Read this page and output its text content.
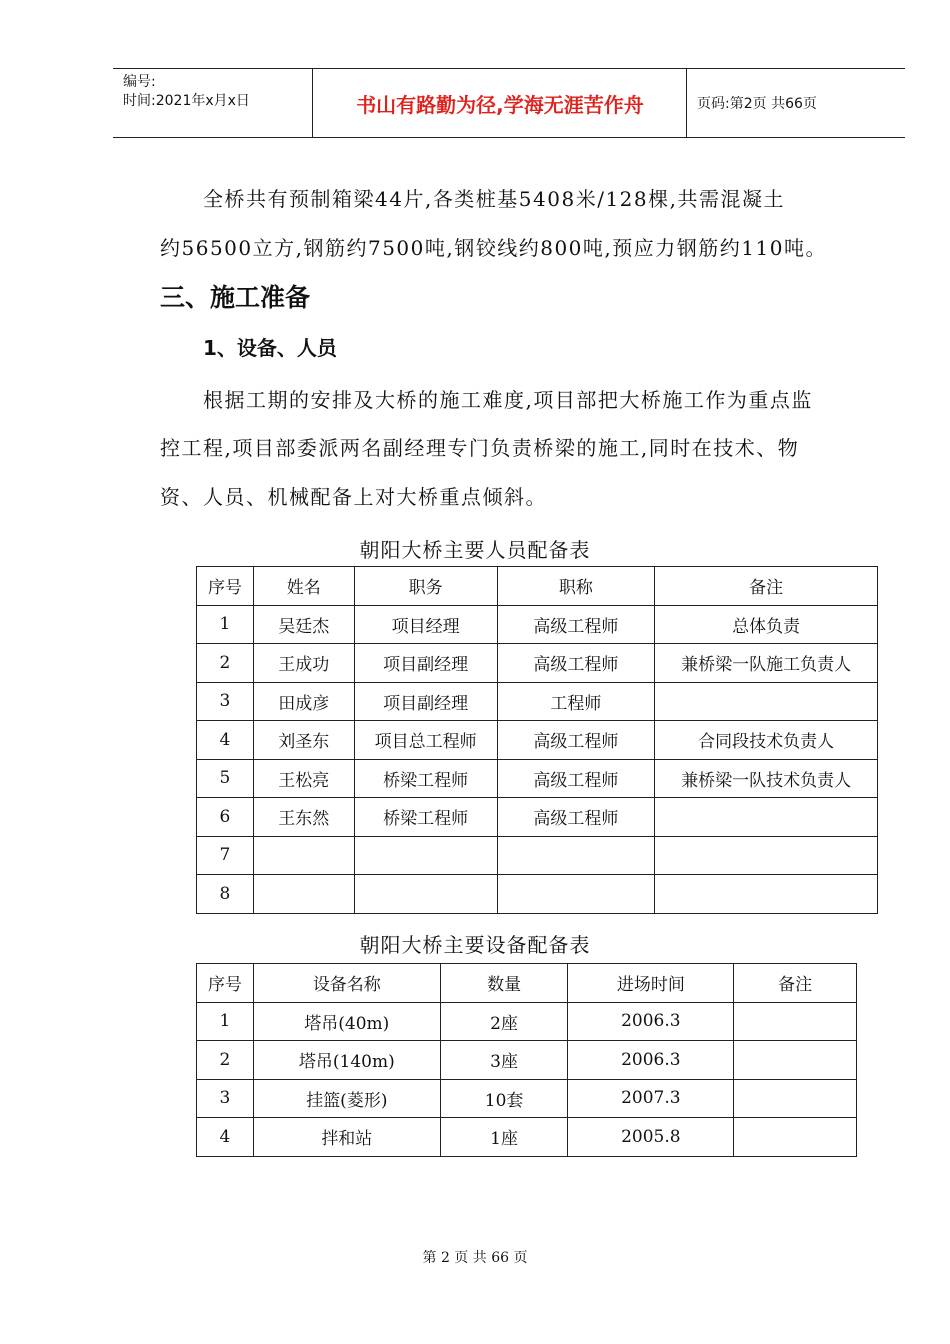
编号:
时间:2021年x月x日	书山有路勤为径,学海无涯苦作舟	页码:第2页 共66页
全桥共有预制箱梁44片,各类桩基5408米/128棵,共需混凝土
约56500立方,钢筋约7500吨,钢铰线约800吨,预应力钢筋约110吨。
三、施工准备
1、设备、人员
根据工期的安排及大桥的施工难度,项目部把大桥施工作为重点监
控工程,项目部委派两名副经理专门负责桥梁的施工,同时在技术、物
资、人员、机械配备上对大桥重点倾斜。
朝阳大桥主要人员配备表
序号	姓名	职务	职称	备注
1	吴廷杰	项目经理	高级工程师	总体负责
2	王成功	项目副经理	高级工程师	兼桥梁一队施工负责人
3	田成彦	项目副经理	工程师	
4	刘圣东	项目总工程师	高级工程师	合同段技术负责人
5	王松亮	桥梁工程师	高级工程师	兼桥梁一队技术负责人
6	王东然	桥梁工程师	高级工程师	
7				
8				
朝阳大桥主要设备配备表
序号	设备名称	数量	进场时间	备注
1	塔吊(40m)	2座	2006.3	
2	塔吊(140m)	3座	2006.3	
3	挂篮(菱形)	10套	2007.3	
4	拌和站	1座	2005.8	
第 2 页 共 66 页
